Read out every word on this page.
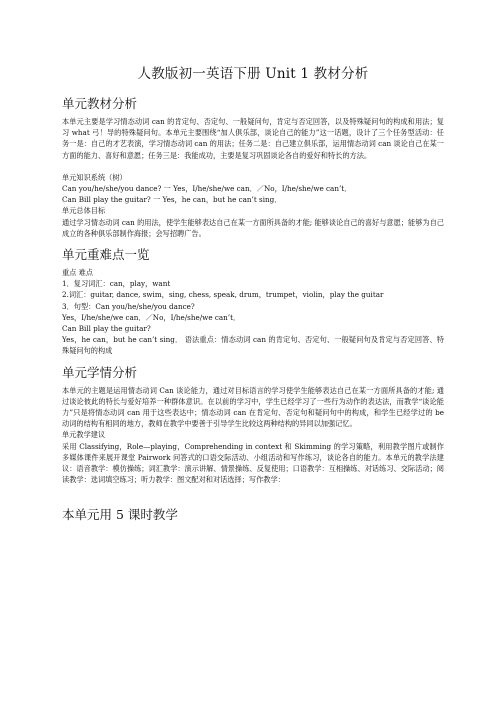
人教版初一英语下册 Unit 1 教材分析
单元教材分析

本单元主要是学习情态动词 can 的肯定句、否定句、一般疑问句，肯定与否定回答，以及特殊疑问句的构成和用法；复习 what 弓！导的特殊疑问句。本单元主要围绕“加人俱乐部，谈论自己的能力”这一话题，设计了三个任务型活动：任务一是：自己的才艺表演，学习情态动词 can 的用法；任务二是：自己建立俱乐部，运用情态动词 can 谈论自己在某一方面的能力、喜好和意愿；任务三是：我能成功，主要是复习巩固谈论各自的爱好和特长的方法。

单元知识系统（树）

Can you/he/she/you dance? 一 Yes，I/he/she/we can．／No，I/he/she/we can’t．

Can Bill play the guitar? 一 Yes，he can，but he can’t sing．

单元总体目标

通过学习情态动词 can 的用法，使学生能够表达自己在某一方面所具备的才能; 能够谈论自己的喜好与意愿；能够为自己成立的各种俱乐部制作海报；会写招聘广告。

单元重难点一览

重点 难点

1．复习词汇：can，play，want

2.词汇：guitar, dance, swim，sing, chess, speak, drum，trumpet，violin，play the guitar

3．句型：Can you/he/she/you dance?

Yes，I/he/she/we can．／No，I/he/she/we can’t．

Can Bill play the guitar?

Yes，he can，but he can’t sing． 语法重点：情态动词 can 的肯定句、否定句、一般疑问句及肯定与否定回答、特殊疑问句的构成

单元学情分析

本单元的主题是运用情态动词 Can 谈论能力，通过对目标语言的学习使学生能够表达自己在某一方面所具备的才能; 通过谈论彼此的特长与爱好培养一种群体意识。在以前的学习中，学生已经学习了一些行为动作的表达法，而教学“谈论能力”只是将情态动词 can 用于这些表达中；情态动词 can 在肯定句、否定句和疑问句中的构成，和学生已经学过的 be 动词的结构有相同的地方，教师在教学中要善于引导学生比较这两种结构的异同以加强记忆。

单元教学建议

采用 Classifying，Role—playing，Comprehending in context 和 Skimming 的学习策略，利用教学图片或制作多媒体课件来展开课堂 Pairwork 问答式的口语交际活动、小组活动和写作练习，谈论各自的能力。本单元的教学法建议：语音教学：模仿操练；词汇教学：演示讲解、情景操练、反复使用；口语教学：互相操练、对话练习、交际活动；阅读教学：选词填空练习；听力教学：图文配对和对话选择；写作教学：

本单元用 5 课时教学
